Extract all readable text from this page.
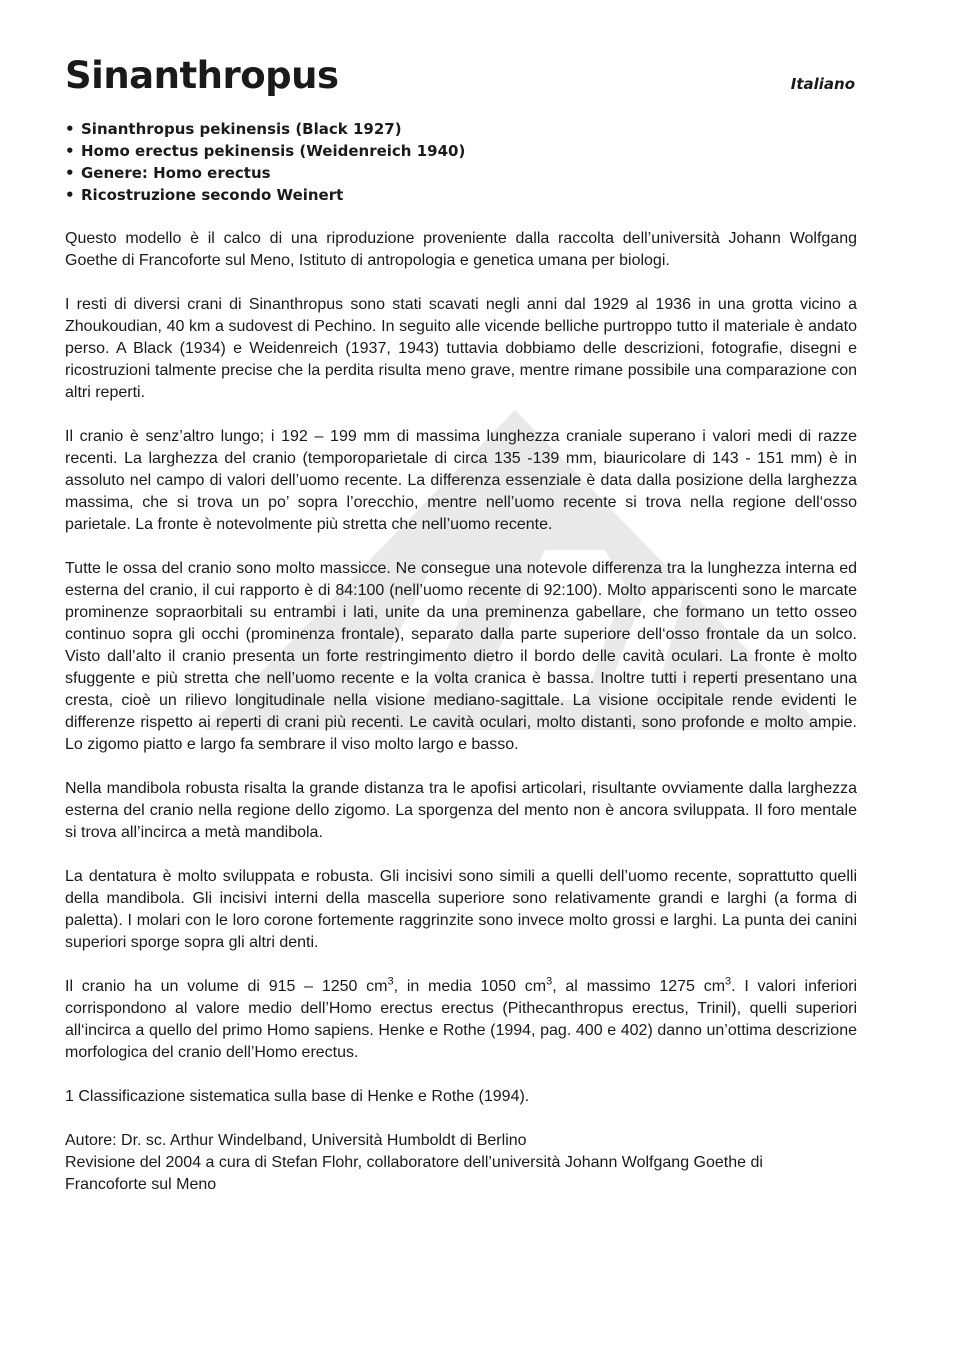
Sinanthropus	Italiano
• Sinanthropus pekinensis (Black 1927)
• Homo erectus pekinensis (Weidenreich 1940)
• Genere: Homo erectus
• Ricostruzione secondo Weinert

Questo modello è il calco di una riproduzione proveniente dalla raccolta dell’università Johann Wolfgang Goethe di Francoforte sul Meno, Istituto di antropologia e genetica umana per biologi.

I resti di diversi crani di Sinanthropus sono stati scavati negli anni dal 1929 al 1936 in una grotta vicino a Zhoukoudian, 40 km a sudovest di Pechino. In seguito alle vicende belliche purtroppo tutto il materiale è andato perso. A Black (1934) e Weidenreich (1937, 1943) tuttavia dobbiamo delle descrizioni, fotografie, disegni e ricostruzioni talmente precise che la perdita risulta meno grave, mentre rimane possibile una comparazione con altri reperti.

Il cranio è senz’altro lungo; i 192 – 199 mm di massima lunghezza craniale superano i valori medi di razze recenti. La larghezza del cranio (temporoparietale di circa 135 -139 mm, biauricolare di 143 - 151 mm) è in assoluto nel campo di valori dell’uomo recente. La differenza essenziale è data dalla posizione della larghezza massima, che si trova un po’ sopra l’orecchio, mentre nell’uomo recente si trova nella regione dell‘osso parietale. La fronte è notevolmente più stretta che nell’uomo recente.

Tutte le ossa del cranio sono molto massicce. Ne consegue una notevole differenza tra la lunghezza interna ed esterna del cranio, il cui rapporto è di 84:100 (nell’uomo recente di 92:100). Molto appariscenti sono le marcate prominenze sopraorbitali su entrambi i lati, unite da una preminenza gabellare, che formano un tetto osseo continuo sopra gli occhi (prominenza frontale), separato dalla parte superiore dell‘osso frontale da un solco. Visto dall’alto il cranio presenta un forte restringimento dietro il bordo delle cavità oculari. La fronte è molto sfuggente e più stretta che nell’uomo recente e la volta cranica è bassa. Inoltre tutti i reperti presentano una cresta, cioè un rilievo longitudinale nella visione mediano-sagittale. La visione occipitale rende evidenti le differenze rispetto ai reperti di crani più recenti. Le cavità oculari, molto distanti, sono profonde e molto ampie. Lo zigomo piatto e largo fa sembrare il viso molto largo e basso.

Nella mandibola robusta risalta la grande distanza tra le apofisi articolari, risultante ovviamente dalla larghezza esterna del cranio nella regione dello zigomo. La sporgenza del mento non è ancora sviluppata. Il foro mentale si trova all’incirca a metà mandibola.

La dentatura è molto sviluppata e robusta. Gli incisivi sono simili a quelli dell’uomo recente, soprattutto quelli della mandibola. Gli incisivi interni della mascella superiore sono relativamente grandi e larghi (a forma di paletta). I molari con le loro corone fortemente raggrinzite sono invece molto grossi e larghi. La punta dei canini superiori sporge sopra gli altri denti.

Il cranio ha un volume di 915 – 1250 $cm^3$, in media 1050 $cm^3$, al massimo 1275 $cm^3$. I valori inferiori corrispondono al valore medio dell’Homo erectus erectus (Pithecanthropus erectus, Trinil), quelli superiori all‘incirca a quello del primo Homo sapiens. Henke e Rothe (1994, pag. 400 e 402) danno un’ottima descrizione morfologica del cranio dell’Homo erectus.

1 Classificazione sistematica sulla base di Henke e Rothe (1994).

Autore: Dr. sc. Arthur Windelband, Università Humboldt di Berlino

Revisione del 2004 a cura di Stefan Flohr, collaboratore dell’università Johann Wolfgang Goethe di

Francoforte sul Meno
